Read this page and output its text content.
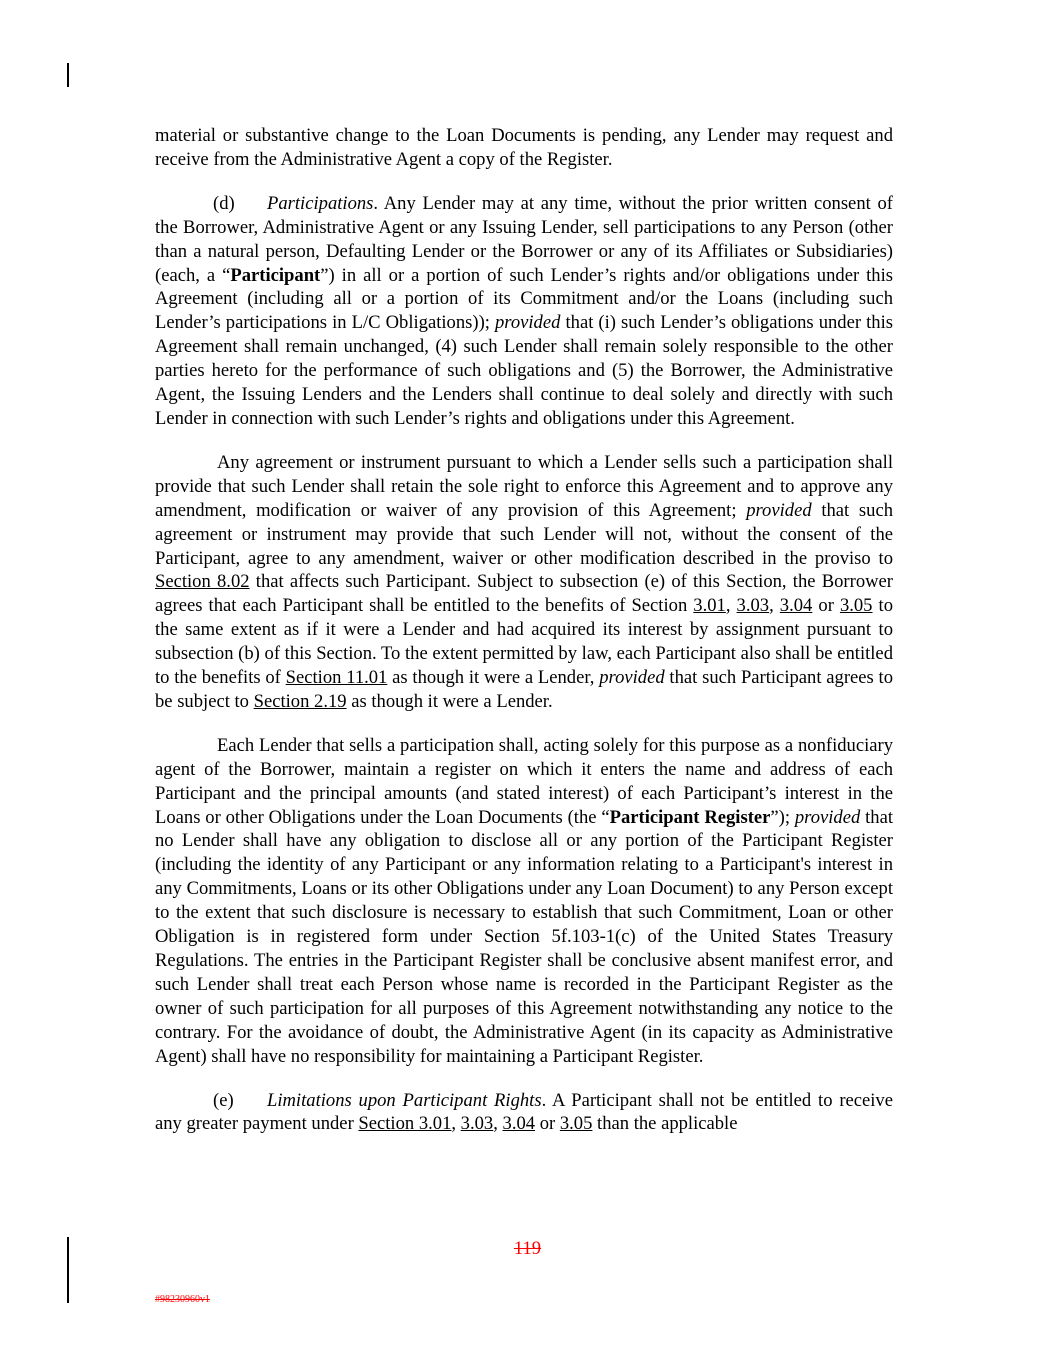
material or substantive change to the Loan Documents is pending, any Lender may request and receive from the Administrative Agent a copy of the Register.

(d) Participations. Any Lender may at any time, without the prior written consent of the Borrower, Administrative Agent or any Issuing Lender, sell participations to any Person (other than a natural person, Defaulting Lender or the Borrower or any of its Affiliates or Subsidiaries) (each, a “Participant”) in all or a portion of such Lender’s rights and/or obligations under this Agreement (including all or a portion of its Commitment and/or the Loans (including such Lender’s participations in L/C Obligations)); provided that (i) such Lender’s obligations under this Agreement shall remain unchanged, (4) such Lender shall remain solely responsible to the other parties hereto for the performance of such obligations and (5) the Borrower, the Administrative Agent, the Issuing Lenders and the Lenders shall continue to deal solely and directly with such Lender in connection with such Lender’s rights and obligations under this Agreement.

Any agreement or instrument pursuant to which a Lender sells such a participation shall provide that such Lender shall retain the sole right to enforce this Agreement and to approve any amendment, modification or waiver of any provision of this Agreement; provided that such agreement or instrument may provide that such Lender will not, without the consent of the Participant, agree to any amendment, waiver or other modification described in the proviso to Section 8.02 that affects such Participant. Subject to subsection (e) of this Section, the Borrower agrees that each Participant shall be entitled to the benefits of Section 3.01, 3.03, 3.04 or 3.05 to the same extent as if it were a Lender and had acquired its interest by assignment pursuant to subsection (b) of this Section. To the extent permitted by law, each Participant also shall be entitled to the benefits of Section 11.01 as though it were a Lender, provided that such Participant agrees to be subject to Section 2.19 as though it were a Lender.

Each Lender that sells a participation shall, acting solely for this purpose as a nonfiduciary agent of the Borrower, maintain a register on which it enters the name and address of each Participant and the principal amounts (and stated interest) of each Participant’s interest in the Loans or other Obligations under the Loan Documents (the “Participant Register”); provided that no Lender shall have any obligation to disclose all or any portion of the Participant Register (including the identity of any Participant or any information relating to a Participant's interest in any Commitments, Loans or its other Obligations under any Loan Document) to any Person except to the extent that such disclosure is necessary to establish that such Commitment, Loan or other Obligation is in registered form under Section 5f.103-1(c) of the United States Treasury Regulations. The entries in the Participant Register shall be conclusive absent manifest error, and such Lender shall treat each Person whose name is recorded in the Participant Register as the owner of such participation for all purposes of this Agreement notwithstanding any notice to the contrary. For the avoidance of doubt, the Administrative Agent (in its capacity as Administrative Agent) shall have no responsibility for maintaining a Participant Register.

(e) Limitations upon Participant Rights. A Participant shall not be entitled to receive any greater payment under Section 3.01, 3.03, 3.04 or 3.05 than the applicable

119
#98230960v1
